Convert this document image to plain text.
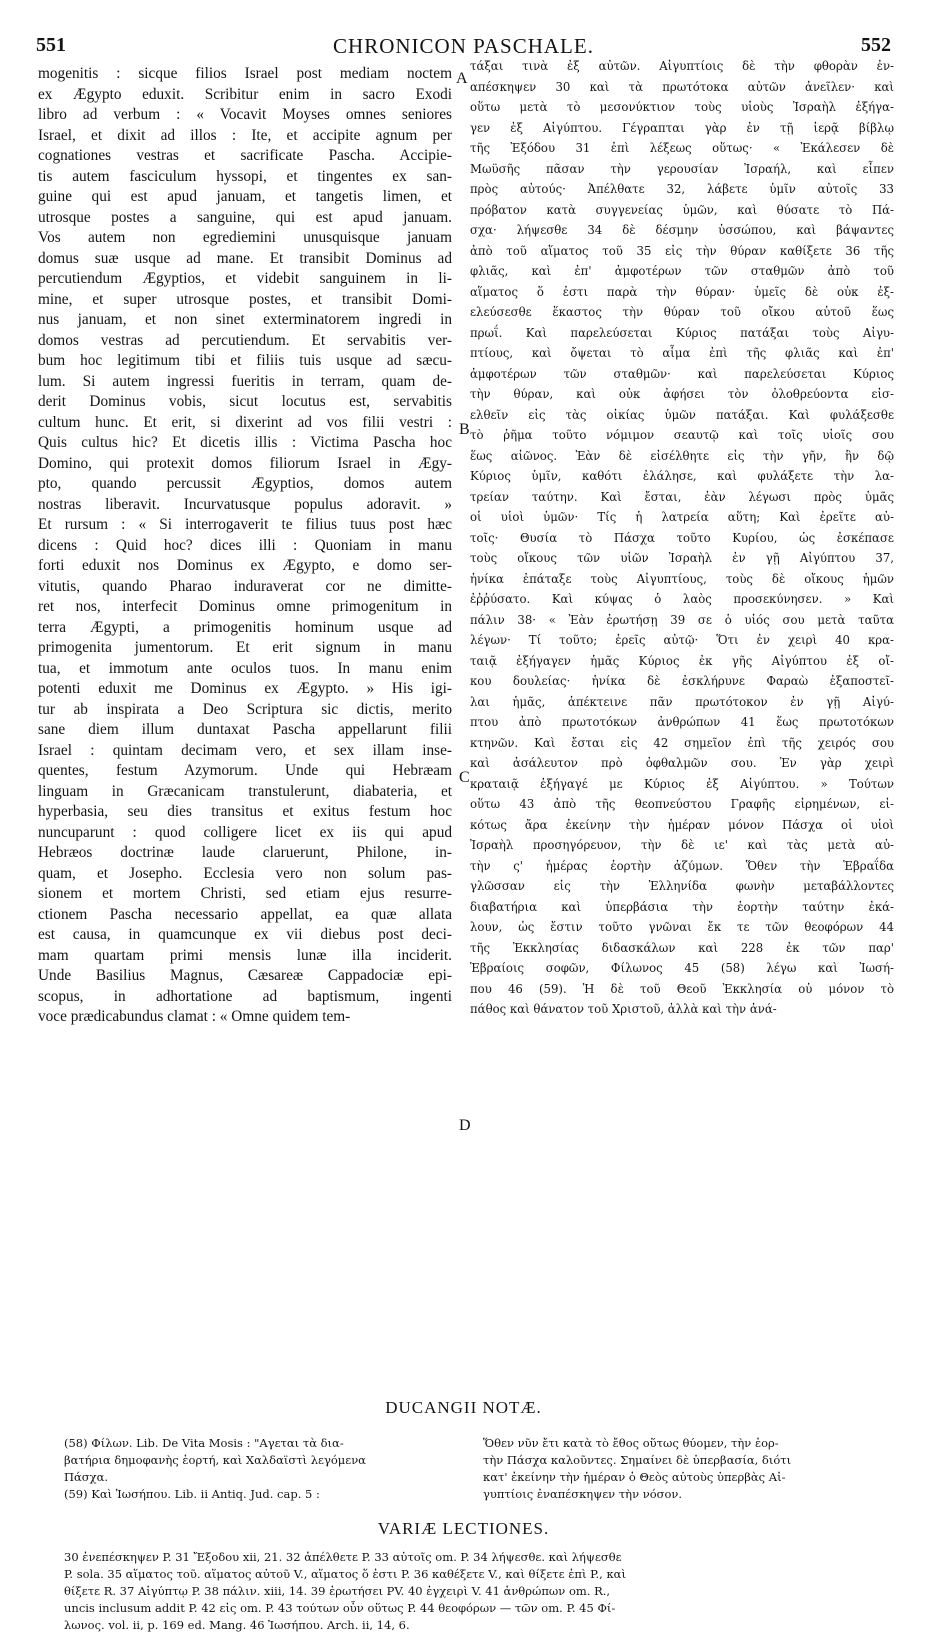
551	CHRONICON PASCHALE.	552
mogenitis : sicque filios Israel post mediam noctem
ex Ægypto eduxit. Scribitur enim in sacro Exodi
libro ad verbum : « Vocavit Moyses omnes seniores
Israel, et dixit ad illos : Ite, et accipite agnum per
cognationes vestras et sacrificate Pascha. Accipie-
tis autem fasciculum hyssopi, et tingentes ex san-
guine qui est apud januam, et tangetis limen, et
utrosque postes a sanguine, qui est apud januam.
Vos autem non egrediemini unusquisque januam
domus suæ usque ad mane. Et transibit Dominus ad
percutiendum Ægyptios, et videbit sanguinem in li-
mine, et super utrosque postes, et transibit Domi-
nus januam, et non sinet exterminatorem ingredi in
domos vestras ad percutiendum. Et servabitis ver-
bum hoc legitimum tibi et filiis tuis usque ad sæcu-
lum. Si autem ingressi fueritis in terram, quam de-
derit Dominus vobis, sicut locutus est, servabitis
cultum hunc. Et erit, si dixerint ad vos filii vestri :
Quis cultus hic? Et dicetis illis : Victima Pascha hoc
Domino, qui protexit domos filiorum Israel in Ægy-
pto, quando percussit Ægyptios, domos autem
nostras liberavit. Incurvatusque populus adoravit. »
Et rursum : « Si interrogaverit te filius tuus post hæc
dicens : Quid hoc? dices illi : Quoniam in manu
forti eduxit nos Dominus ex Ægypto, e domo ser-
vitutis, quando Pharao induraverat cor ne dimitte-
ret nos, interfecit Dominus omne primogenitum in
terra Ægypti, a primogenitis hominum usque ad
primogenita jumentorum. Et erit signum in manu
tua, et immotum ante oculos tuos. In manu enim
potenti eduxit me Dominus ex Ægypto. » His igi-
tur ab inspirata a Deo Scriptura sic dictis, merito
sane diem illum duntaxat Pascha appellarunt filii
Israel : quintam decimam vero, et sex illam inse-
quentes, festum Azymorum. Unde qui Hebræam
linguam in Græcanicam transtulerunt, diabateria, et
hyperbasia, seu dies transitus et exitus festum hoc
nuncuparunt : quod colligere licet ex iis qui apud
Hebræos doctrinæ laude claruerunt, Philone, in-
quam, et Josepho. Ecclesia vero non solum pas-
sionem et mortem Christi, sed etiam ejus resurre-
ctionem Pascha necessario appellat, ea quæ allata
est causa, in quamcunque ex vii diebus post deci-
mam quartam primi mensis lunæ illa inciderit.
Unde Basilius Magnus, Cæsareæ Cappadociæ epi-
scopus, in adhortatione ad baptismum, ingenti
voce prædicabundus clamat : « Omne quidem tem-
τάξαι τινὰ ἐξ αὐτῶν. Αἰγυπτίοις δὲ τὴν φθορὰν ἐν-
απέσκηψεν 30 καὶ τὰ πρωτότοκα αὐτῶν ἀνεῖλεν· καὶ
οὕτω μετὰ τὸ μεσονύκτιον τοὺς υἱοὺς Ἰσραὴλ ἐξήγα-
γεν ἐξ Αἰγύπτου. Γέγραπται γὰρ ἐν τῇ ἱερᾷ βίβλῳ
τῆς Ἐξόδου 31 ἐπὶ λέξεως οὕτως· « Ἐκάλεσεν δὲ
Μωϋσῆς πᾶσαν τὴν γερουσίαν Ἰσραήλ, καὶ εἶπεν
πρὸς αὐτούς· Ἀπέλθατε 32, λάβετε ὑμῖν αὐτοῖς 33
πρόβατον κατὰ συγγενείας ὑμῶν, καὶ θύσατε τὸ Πά-
σχα· λήψεσθε 34 δὲ δέσμην ὑσσώπου, καὶ βάψαντες
ἀπὸ τοῦ αἵματος τοῦ 35 εἰς τὴν θύραν καθίξετε 36 τῆς
φλιᾶς, καὶ ἐπ' ἀμφοτέρων τῶν σταθμῶν ἀπὸ τοῦ
αἵματος ὅ ἐστι παρὰ τὴν θύραν· ὑμεῖς δὲ οὐκ ἐξ-
ελεύσεσθε ἕκαστος τὴν θύραν τοῦ οἴκου αὐτοῦ ἕως
πρωΐ. Καὶ παρελεύσεται Κύριος πατάξαι τοὺς Αἰγυ-
πτίους, καὶ ὄψεται τὸ αἷμα ἐπὶ τῆς φλιᾶς καὶ ἐπ'
ἀμφοτέρων τῶν σταθμῶν· καὶ παρελεύσεται Κύριος
τὴν θύραν, καὶ οὐκ ἀφήσει τὸν ὀλοθρεύοντα εἰσ-
ελθεῖν εἰς τὰς οἰκίας ὑμῶν πατάξαι. Καὶ φυλάξεσθε
τὸ ῥῆμα τοῦτο νόμιμον σεαυτῷ καὶ τοῖς υἱοῖς σου
ἕως αἰῶνος. Ἐὰν δὲ εἰσέλθητε εἰς τὴν γῆν, ἣν δῷ
Κύριος ὑμῖν, καθότι ἐλάλησε, καὶ φυλάξετε τὴν λα-
τρείαν ταύτην. Καὶ ἔσται, ἐὰν λέγωσι πρὸς ὑμᾶς
οἱ υἱοὶ ὑμῶν· Τίς ἡ λατρεία αὕτη; Καὶ ἐρεῖτε αὐ-
τοῖς· Θυσία τὸ Πάσχα τοῦτο Κυρίου, ὡς ἐσκέπασε
τοὺς οἴκους τῶν υἱῶν Ἰσραὴλ ἐν γῇ Αἰγύπτου 37,
ἡνίκα ἐπάταξε τοὺς Αἰγυπτίους, τοὺς δὲ οἴκους ἡμῶν
ἐῤῥύσατο. Καὶ κύψας ὁ λαὸς προσεκύνησεν. » Καὶ
πάλιν 38· « Ἐὰν ἐρωτήσῃ 39 σε ὁ υἱός σου μετὰ ταῦτα
λέγων· Τί τοῦτο; ἐρεῖς αὐτῷ· Ὅτι ἐν χειρὶ 40 κρα-
ταιᾷ ἐξήγαγεν ἡμᾶς Κύριος ἐκ γῆς Αἰγύπτου ἐξ οἴ-
κου δουλείας· ἡνίκα δὲ ἐσκλήρυνε Φαραὼ ἐξαποστεῖ-
λαι ἡμᾶς, ἀπέκτεινε πᾶν πρωτότοκον ἐν γῇ Αἰγύ-
πτου ἀπὸ πρωτοτόκων ἀνθρώπων 41 ἕως πρωτοτόκων
κτηνῶν. Καὶ ἔσται εἰς 42 σημεῖον ἐπὶ τῆς χειρός σου
καὶ ἀσάλευτον πρὸ ὀφθαλμῶν σου. Ἐν γὰρ χειρὶ
κραταιᾷ ἐξήγαγέ με Κύριος ἐξ Αἰγύπτου. » Τούτων
οὕτω 43 ἀπὸ τῆς θεοπνεύστου Γραφῆς εἰρημένων, εἰ-
κότως ἄρα ἐκείνην τὴν ἡμέραν μόνον Πάσχα οἱ υἱοὶ
Ἰσραὴλ προσηγόρευον, τὴν δὲ ιε' καὶ τὰς μετὰ αὐ-
τὴν ς' ἡμέρας ἑορτὴν ἀζύμων. Ὅθεν τὴν Ἑβραΐδα
γλῶσσαν εἰς τὴν Ἑλληνίδα φωνὴν μεταβάλλοντες
διαβατήρια καὶ ὑπερβάσια τὴν ἑορτὴν ταύτην ἐκά-
λουν, ὡς ἔστιν τοῦτο γνῶναι ἔκ τε τῶν θεοφόρων 44
τῆς Ἐκκλησίας διδασκάλων καὶ 228 ἐκ τῶν παρ'
Ἑβραίοις σοφῶν, Φίλωνος 45 (58) λέγω καὶ Ἰωσή-
που 46 (59). Ἡ δὲ τοῦ Θεοῦ Ἐκκλησία οὐ μόνον τὸ
πάθος καὶ θάνατον τοῦ Χριστοῦ, ἀλλὰ καὶ τὴν ἀνά-
A
B
C
D
DUCANGII NOTÆ.
(58) Φίλων. Lib. De Vita Mosis : "Αγεται τὰ δια-
βατήρια δημοφανὴς ἑορτή, καὶ Χαλδαϊστὶ λεγόμενα
Πάσχα.
(59) Καὶ Ἰωσήπου. Lib. ii Antiq. Jud. cap. 5 :
Ὅθεν νῦν ἔτι κατὰ τὸ ἔθος οὕτως θύομεν, τὴν ἑορ-
τὴν Πάσχα καλοῦντες. Σημαίνει δὲ ὑπερβασία, διότι
κατ' ἐκείνην τὴν ἡμέραν ὁ Θεὸς αὐτοὺς ὑπερβὰς Αἰ-
γυπτίοις ἐναπέσκηψεν τὴν νόσον.
VARIÆ LECTIONES.
30 ἐνεπέσκηψεν P. 31 Ἔξοδου xii, 21. 32 ἀπέλθετε P. 33 αὐτοῖς om. P. 34 λήψεσθε. καὶ λήψεσθε
P. sola. 35 αἵματος τοῦ. αἵματος αὐτοῦ V., αἵματος ὅ ἐστι P. 36 καθέξετε V., καὶ θίξετε ἐπὶ P., καὶ
θίξετε R. 37 Αἰγύπτῳ P. 38 πάλιν. xiii, 14. 39 ἐρωτήσει PV. 40 ἐγχειρὶ V. 41 ἀνθρώπων om. R.,
uncis inclusum addit P. 42 εἰς om. P. 43 τούτων οὖν οὕτως P. 44 θεοφόρων — τῶν om. P. 45 Φί-
λωνος. vol. ii, p. 169 ed. Mang. 46 Ἰωσήπου. Arch. ii, 14, 6.
